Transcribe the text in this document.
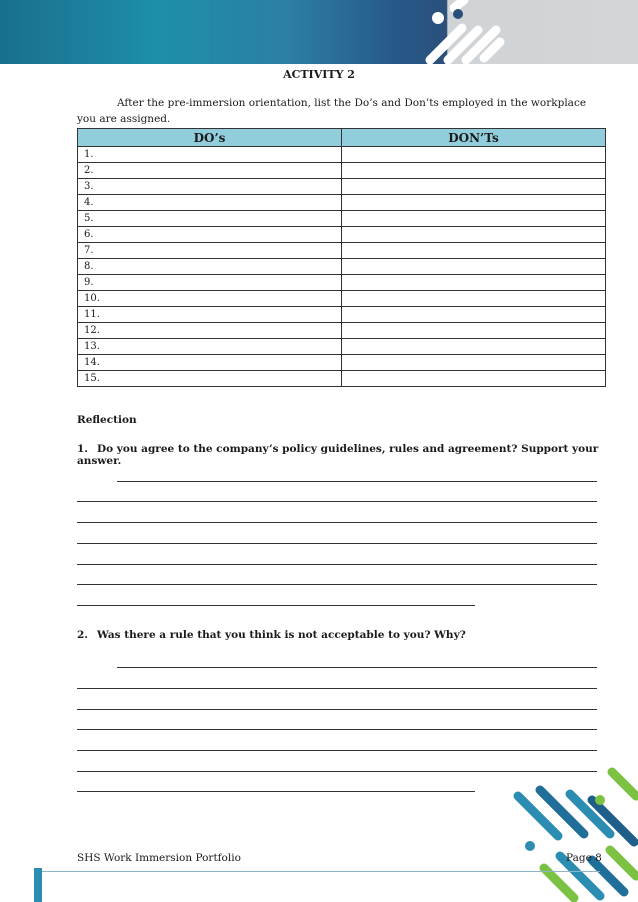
ACTIVITY 2
After the pre-immersion orientation, list the Do’s and Don’ts employed in the workplace you are assigned.
DO’s	DON’Ts
1.	
2.	
3.	
4.	
5.	
6.	
7.	
8.	
9.	
10.	
11.	
12.	
13.	
14.	
15.	
Reflection
1. Do you agree to the company’s policy guidelines, rules and agreement? Support your answer.
2. Was there a rule that you think is not acceptable to you? Why?
SHS Work Immersion Portfolio	Page 8
